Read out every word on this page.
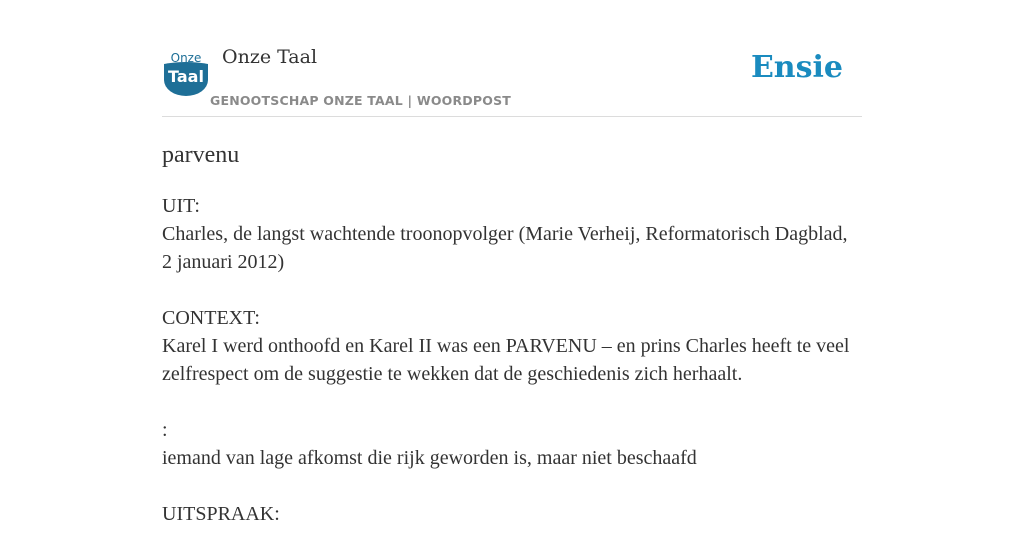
Onze
Taal
Onze Taal
GENOOTSCHAP ONZE TAAL | WOORDPOST
Ensie
parvenu
UIT:
Charles, de langst wachtende troonopvolger (Marie Verheij, Reformatorisch Dagblad, 2 januari 2012)
CONTEXT:
Karel I werd onthoofd en Karel II was een PARVENU – en prins Charles heeft te veel zelfrespect om de suggestie te wekken dat de geschiedenis zich herhaalt.
:
iemand van lage afkomst die rijk geworden is, maar niet beschaafd
UITSPRAAK:
